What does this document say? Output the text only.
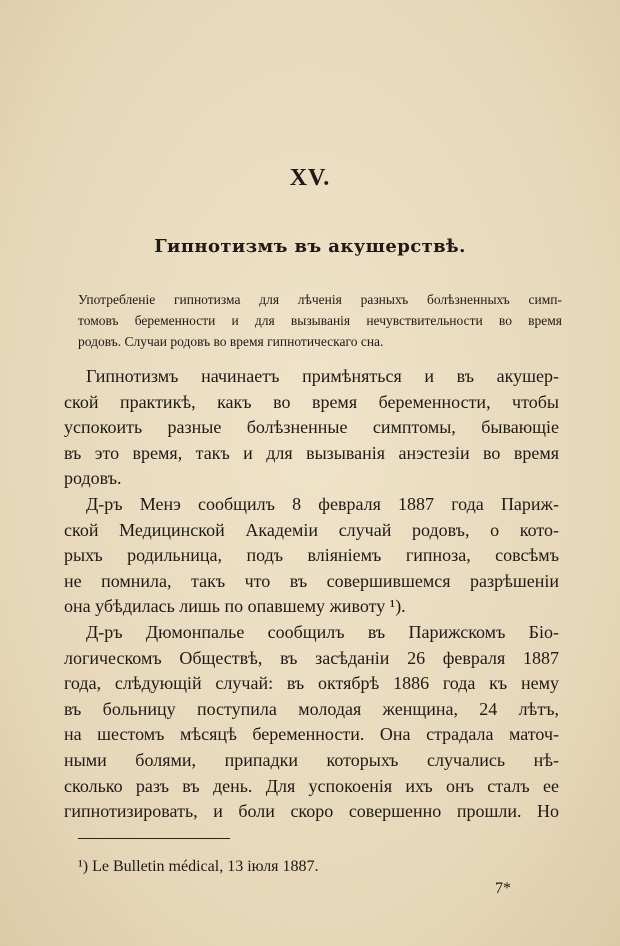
XV.
Гипнотизмъ въ акушерствѣ.
Употребленіе гипнотизма для лѣченія разныхъ болѣзненныхъ симп-
томовъ беременности и для вызыванія нечувствительности во время
родовъ. Случаи родовъ во время гипнотическаго сна.
Гипнотизмъ начинаетъ примѣняться и въ акушер-
ской практикѣ, какъ во время беременности, чтобы
успокоить разные болѣзненные симптомы, бывающіе
въ это время, такъ и для вызыванія анэстезіи во время
родовъ.
Д-ръ Менэ сообщилъ 8 февраля 1887 года Париж-
ской Медицинской Академіи случай родовъ, о кото-
рыхъ родильница, подъ вліяніемъ гипноза, совсѣмъ
не помнила, такъ что въ совершившемся разрѣшеніи
она убѣдилась лишь по опавшему животу ¹).
Д-ръ Дюмонпалье сообщилъ въ Парижскомъ Біо-
логическомъ Обществѣ, въ засѣданіи 26 февраля 1887
года, слѣдующій случай: въ октябрѣ 1886 года къ нему
въ больницу поступила молодая женщина, 24 лѣтъ,
на шестомъ мѣсяцѣ беременности. Она страдала маточ-
ными болями, припадки которыхъ случались нѣ-
сколько разъ въ день. Для успокоенія ихъ онъ сталъ ее
гипнотизировать, и боли скоро совершенно прошли. Но
¹) Le Bulletin médical, 13 іюля 1887.
7*
